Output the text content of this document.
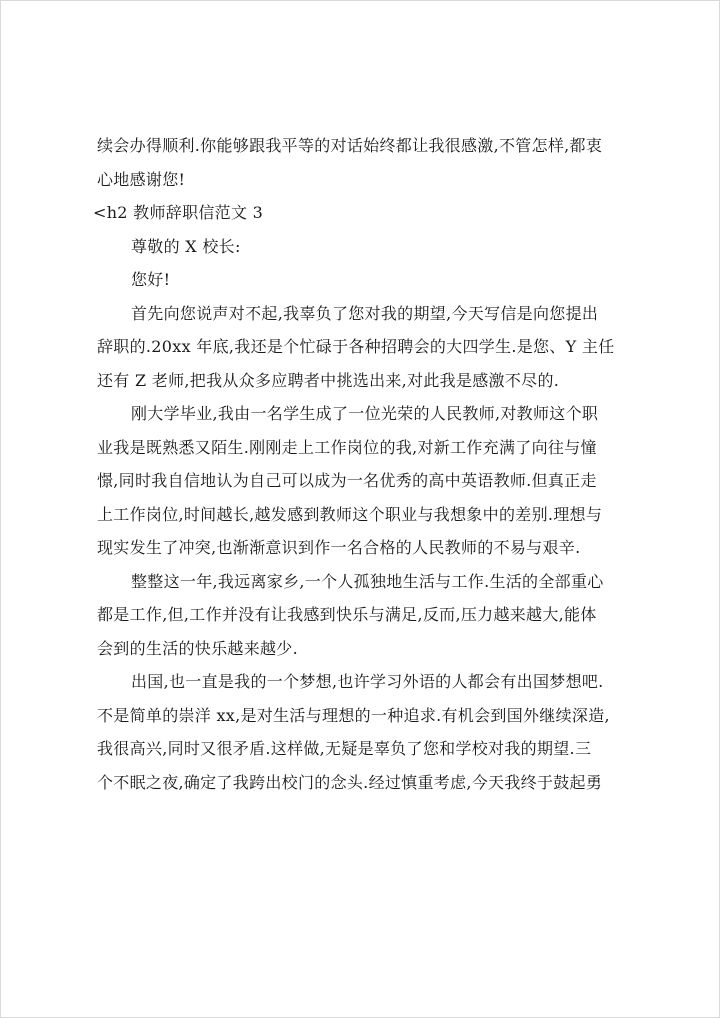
续会办得顺利.你能够跟我平等的对话始终都让我很感激,不管怎样,都衷
心地感谢您!
<h2 教师辞职信范文 3
尊敬的 X 校长:
您好!
首先向您说声对不起,我辜负了您对我的期望,今天写信是向您提出
辞职的.20xx 年底,我还是个忙碌于各种招聘会的大四学生.是您、Y 主任
还有 Z 老师,把我从众多应聘者中挑选出来,对此我是感激不尽的.
刚大学毕业,我由一名学生成了一位光荣的人民教师,对教师这个职
业我是既熟悉又陌生.刚刚走上工作岗位的我,对新工作充满了向往与憧
憬,同时我自信地认为自己可以成为一名优秀的高中英语教师.但真正走
上工作岗位,时间越长,越发感到教师这个职业与我想象中的差别.理想与
现实发生了冲突,也渐渐意识到作一名合格的人民教师的不易与艰辛.
整整这一年,我远离家乡,一个人孤独地生活与工作.生活的全部重心
都是工作,但,工作并没有让我感到快乐与满足,反而,压力越来越大,能体
会到的生活的快乐越来越少.
出国,也一直是我的一个梦想,也许学习外语的人都会有出国梦想吧.
不是简单的崇洋 xx,是对生活与理想的一种追求.有机会到国外继续深造,
我很高兴,同时又很矛盾.这样做,无疑是辜负了您和学校对我的期望.三
个不眠之夜,确定了我跨出校门的念头.经过慎重考虑,今天我终于鼓起勇
